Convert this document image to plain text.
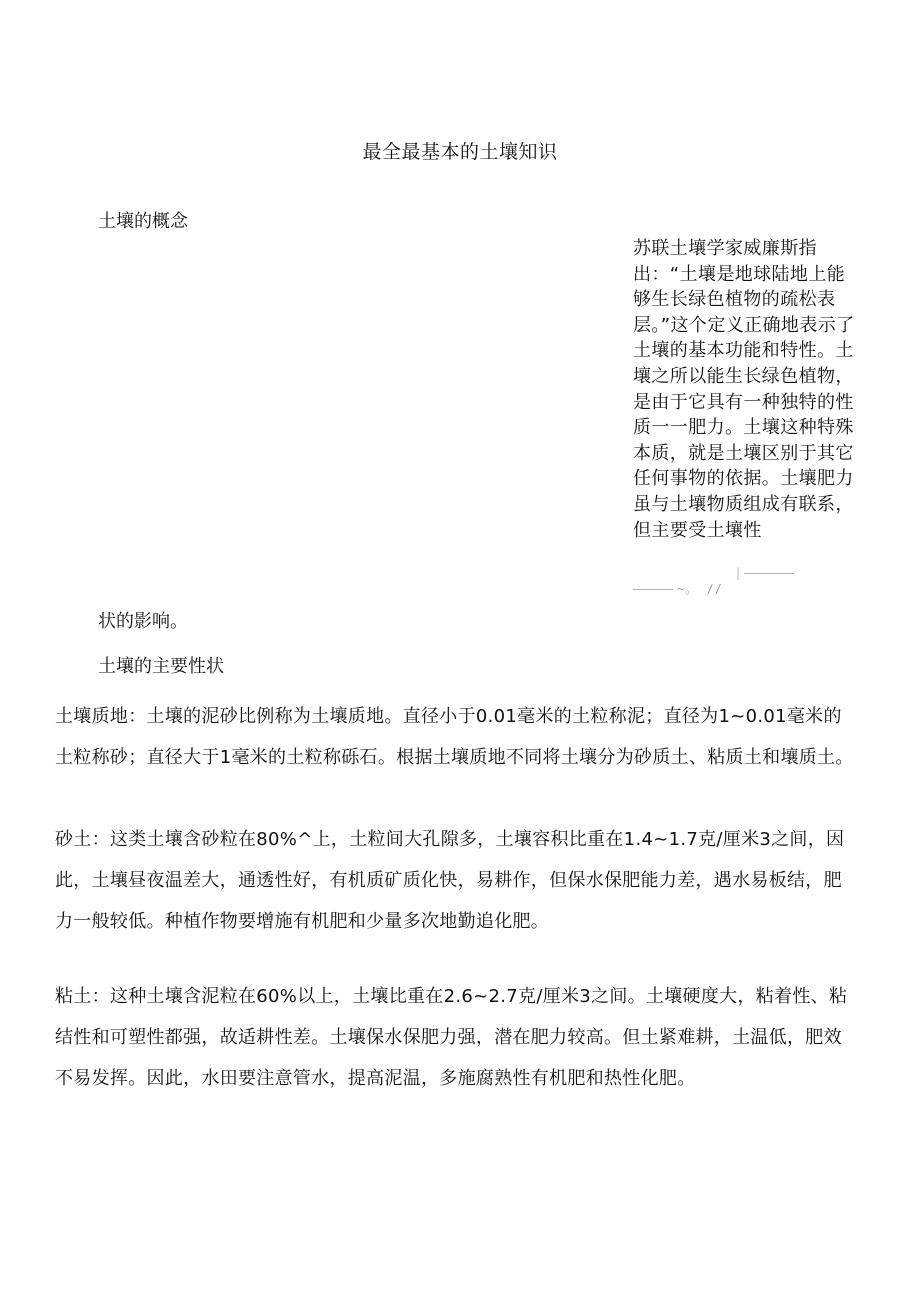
最全最基本的土壤知识
土壤的概念

苏联土壤学家威廉斯指出：“土壤是地球陆地上能够生长绿色植物的疏松表层。”这个定义正确地表示了土壤的基本功能和特性。土壤之所以能生长绿色植物，是由于它具有一种独特的性质一一肥力。土壤这种特殊本质，就是土壤区别于其它任何事物的依据。土壤肥力虽与土壤物质组成有联系，但主要受土壤性

|
~。 //
状的影响。
土壤的主要性状

土壤质地：土壤的泥砂比例称为土壤质地。直径小于0.01毫米的土粒称泥；直径为1~0.01毫米的土粒称砂；直径大于1毫米的土粒称砾石。根据土壤质地不同将土壤分为砂质土、粘质土和壤质土。

砂土：这类土壤含砂粒在80%^上，土粒间大孔隙多，土壤容积比重在1.4~1.7克/厘米3之间，因此，土壤昼夜温差大，通透性好，有机质矿质化快，易耕作，但保水保肥能力差，遇水易板结，肥力一般较低。种植作物要增施有机肥和少量多次地勤追化肥。

粘土：这种土壤含泥粒在60%以上，土壤比重在2.6~2.7克/厘米3之间。土壤硬度大，粘着性、粘结性和可塑性都强，故适耕性差。土壤保水保肥力强，潜在肥力较高。但土紧难耕，土温低，肥效不易发挥。因此，水田要注意管水，提高泥温，多施腐熟性有机肥和热性化肥。
